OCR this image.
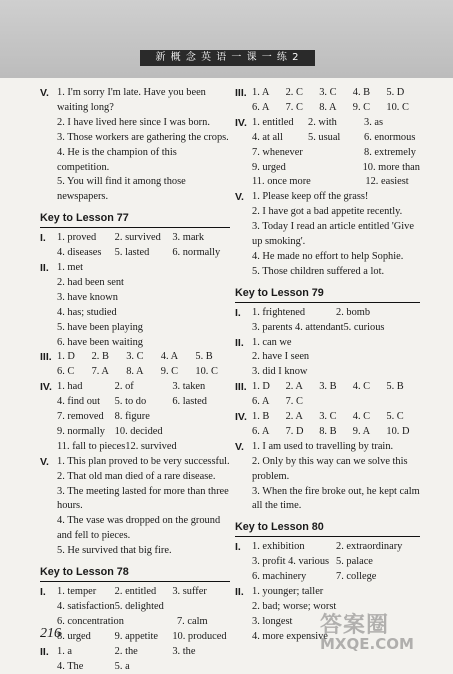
新 概 念 英 语 一 课 一 练 2
V. 1. I'm sorry I'm late. Have you been waiting long?
2. I have lived here since I was born.
3. Those workers are gathering the crops.
4. He is the champion of this competition.
5. You will find it among those newspapers.
Key to Lesson 77
I.	1. proved	2. survived	3. mark
4. diseases	5. lasted	6. normally
II. 1. met
2. had been sent
3. have known
4. has; studied
5. have been playing
6. have been waiting
III. 1. D	2. B	3. C	4. A	5. B
6. C	7. A	8. A	9. C	10. C
IV. 1. had	2. of	3. taken
4. find out	5. to do	6. lasted
7. removed	8. figure
9. normally 10. decided
11. fall to pieces 12. survived
V. 1. This plan proved to be very successful.
2. That old man died of a rare disease.
3. The meeting lasted for more than three hours.
4. The vase was dropped on the ground and fell to pieces.
5. He survived that big fire.
Key to Lesson 78
I.	1. temper	2. entitled	3. suffer
4. satisfaction 5. delighted
6. concentration	7. calm
8. urged	9. appetite	10. produced
II. 1. a	2. the	3. the
4. The	5. a
III. 1. A	2. C	3. C	4. B	5. D
6. A	7. C	8. A	9. C	10. C
IV. 1. entitled	2. with	3. as
4. at all	5. usual	6. enormous
7. whenever	8. extremely
9. urged	10. more than
11. once more	12. easiest
V. 1. Please keep off the grass!
2. I have got a bad appetite recently.
3. Today I read an article entitled 'Give up smoking'.
4. He made no effort to help Sophie.
5. Those children suffered a lot.
Key to Lesson 79
I.	1. frightened	2. bomb
3. parents 4. attendant 5. curious
II. 1. can we
2. have I seen
3. did I know
III. 1. D	2. A	3. B	4. C	5. B
6. A	7. C
IV. 1. B	2. A	3. C	4. C	5. C
6. A	7. D	8. B	9. A	10. D
V. 1. I am used to travelling by train.
2. Only by this way can we solve this problem.
3. When the fire broke out, he kept calm all the time.
Key to Lesson 80
I.	1. exhibition	2. extraordinary
3. profit 4. various 5. palace
6. machinery	7. college
II. 1. younger; taller
2. bad; worse; worst
3. longest
4. more expensive
216	答案圈
MXQE.COM
